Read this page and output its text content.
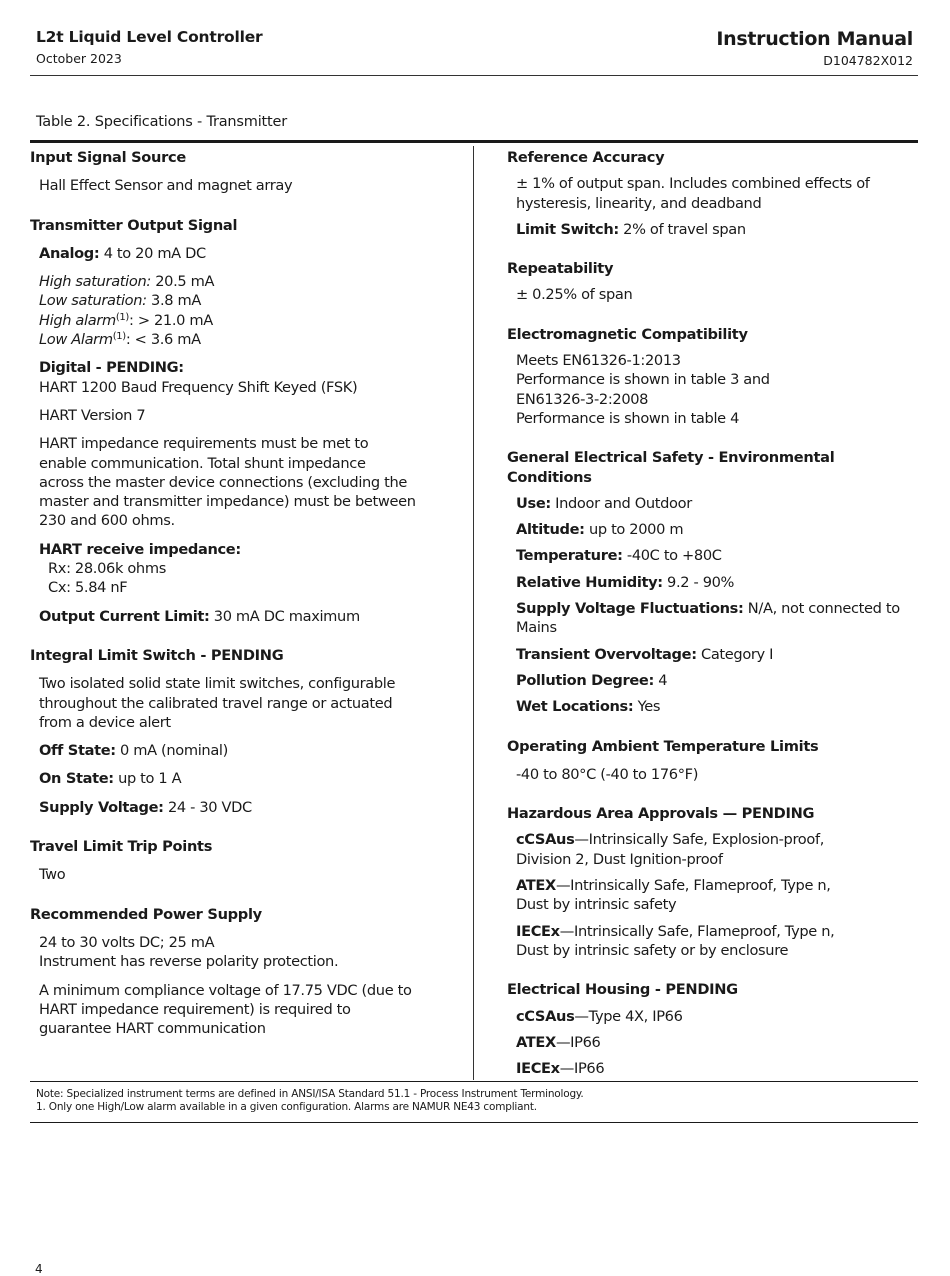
L2t Liquid Level Controller
October 2023
Instruction Manual
D104782X012
Table 2. Specifications - Transmitter
Input Signal Source
Hall Effect Sensor and magnet array
Transmitter Output Signal
Analog: 4 to 20 mA DC
High saturation: 20.5 mA
Low saturation: 3.8 mA
High alarm$^{(1)}$: > 21.0 mA
Low Alarm$^{(1)}$: < 3.6 mA
Digital - PENDING:
HART 1200 Baud Frequency Shift Keyed (FSK)
HART Version 7
HART impedance requirements must be met to
enable communication. Total shunt impedance
across the master device connections (excluding the
master and transmitter impedance) must be between
230 and 600 ohms.
HART receive impedance:
Rx: 28.06k ohms
Cx: 5.84 nF
Output Current Limit: 30 mA DC maximum
Integral Limit Switch - PENDING
Two isolated solid state limit switches, configurable
throughout the calibrated travel range or actuated
from a device alert
Off State: 0 mA (nominal)
On State: up to 1 A
Supply Voltage: 24 - 30 VDC
Travel Limit Trip Points
Two
Recommended Power Supply
24 to 30 volts DC; 25 mA
Instrument has reverse polarity protection.
A minimum compliance voltage of 17.75 VDC (due to
HART impedance requirement) is required to
guarantee HART communication
Reference Accuracy
± 1% of output span. Includes combined effects of
hysteresis, linearity, and deadband
Limit Switch: 2% of travel span
Repeatability
± 0.25% of span
Electromagnetic Compatibility
Meets EN61326-1:2013
Performance is shown in table 3 and
EN61326-3-2:2008
Performance is shown in table 4
General Electrical Safety - Environmental
Conditions
Use: Indoor and Outdoor
Altitude: up to 2000 m
Temperature: -40C to +80C
Relative Humidity: 9.2 - 90%
Supply Voltage Fluctuations: N/A, not connected to
Mains
Transient Overvoltage: Category I
Pollution Degree: 4
Wet Locations: Yes
Operating Ambient Temperature Limits
-40 to 80°C (-40 to 176°F)
Hazardous Area Approvals — PENDING
cCSAus—Intrinsically Safe, Explosion-proof,
Division 2, Dust Ignition-proof
ATEX—Intrinsically Safe, Flameproof, Type n,
Dust by intrinsic safety
IECEx—Intrinsically Safe, Flameproof, Type n,
Dust by intrinsic safety or by enclosure
Electrical Housing - PENDING
cCSAus—Type 4X, IP66
ATEX—IP66
IECEx—IP66
Note: Specialized instrument terms are defined in ANSI/ISA Standard 51.1 - Process Instrument Terminology.
1. Only one High/Low alarm available in a given configuration. Alarms are NAMUR NE43 compliant.
4
